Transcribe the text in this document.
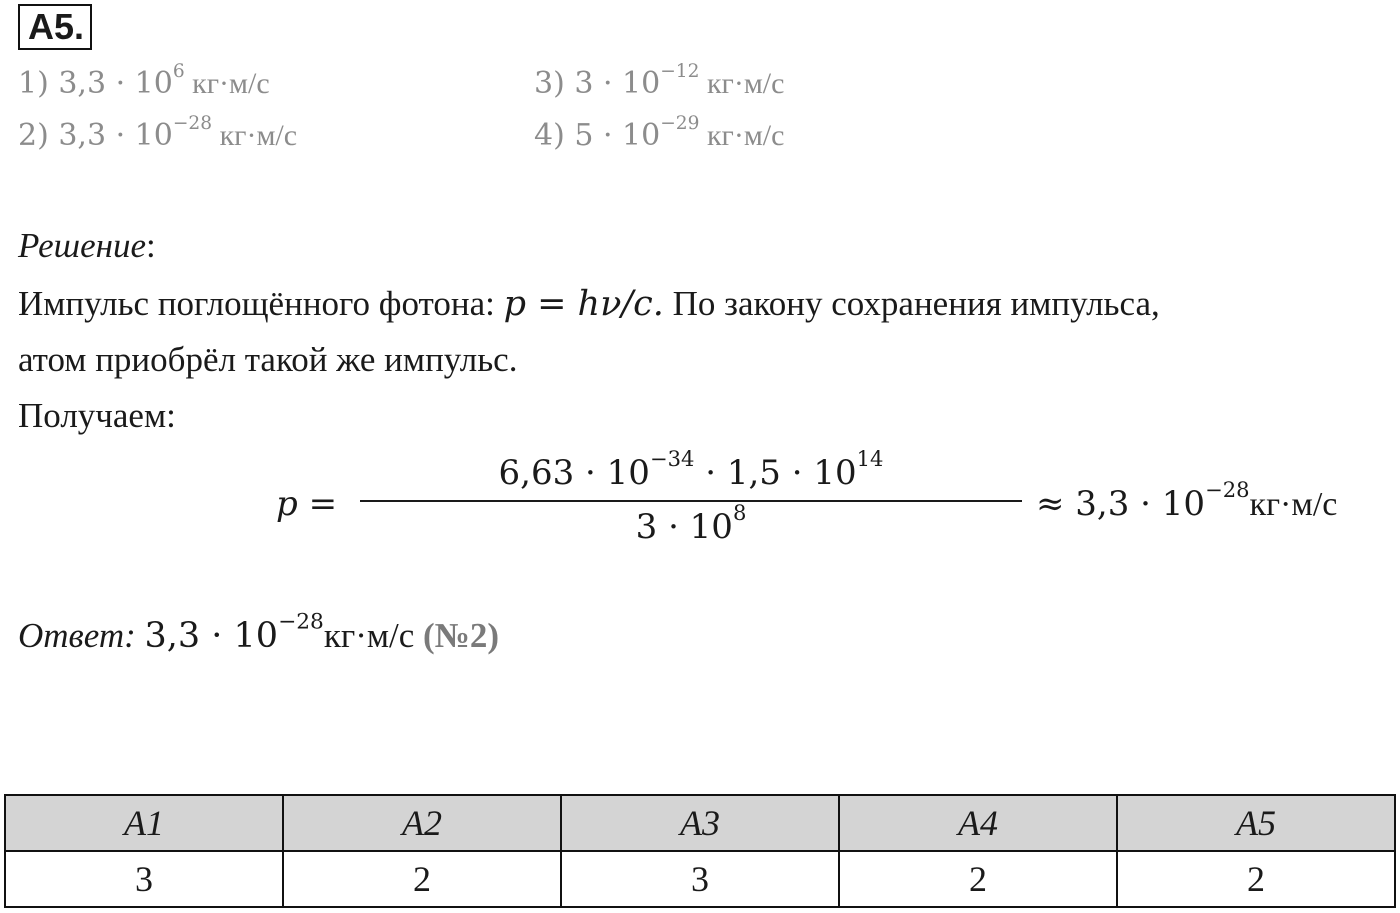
A5.
1) $3,3 \cdot 10^6$ кг·м/с
2) $3,3 \cdot 10^{-28}$ кг·м/с
3) $3 \cdot 10^{-12}$ кг·м/с
4) $5 \cdot 10^{-29}$ кг·м/с
Решение:
Импульс поглощённого фотона: p = hν/c. По закону сохранения импульса,
атом приобрёл такой же импульс.
Получаем:
p =
$6,63 \cdot 10^{-34} \cdot 1,5 \cdot 10^{14}$
$3 \cdot 10^8$	≈ $3,3 \cdot 10^{-28}кг\cdot м/с$
Ответ: $3,3 \cdot 10^{-28}кг\cdot м/с$ (№2)
A1	A2	A3	A4	A5
3	2	3	2	2
